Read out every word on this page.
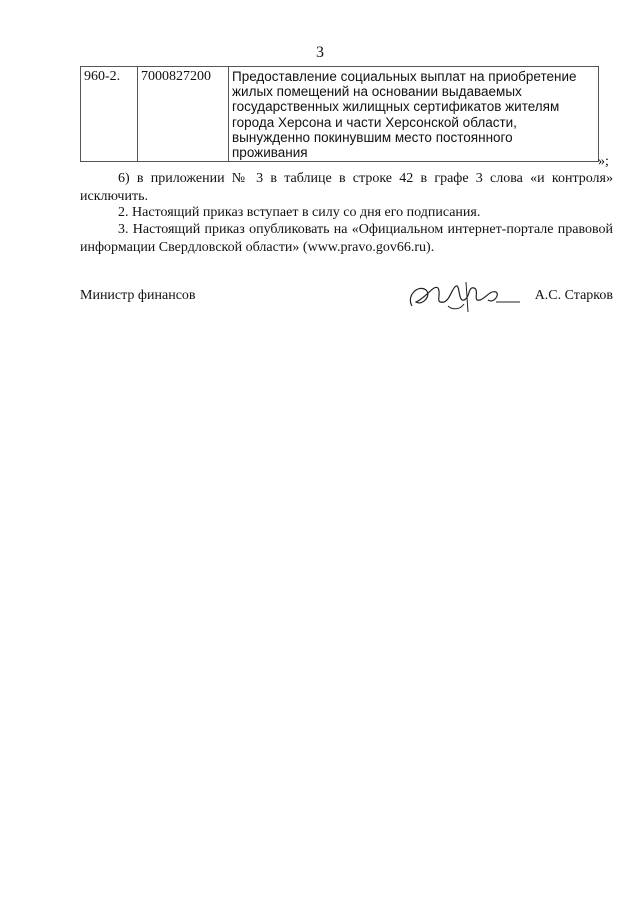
3
960-2.	7000827200	Предоставление социальных выплат на приобретение
жилых помещений на основании выдаваемых
государственных жилищных сертификатов жителям
города Херсона и части Херсонской области,
вынужденно покинувшим место постоянного
проживания
»;
6) в приложении № 3 в таблице в строке 42 в графе 3 слова «и контроля» исключить.
2. Настоящий приказ вступает в силу со дня его подписания.
3. Настоящий приказ опубликовать на «Официальном интернет-портале правовой информации Свердловской области» (www.pravo.gov66.ru).
Министр финансов	А.С. Старков
